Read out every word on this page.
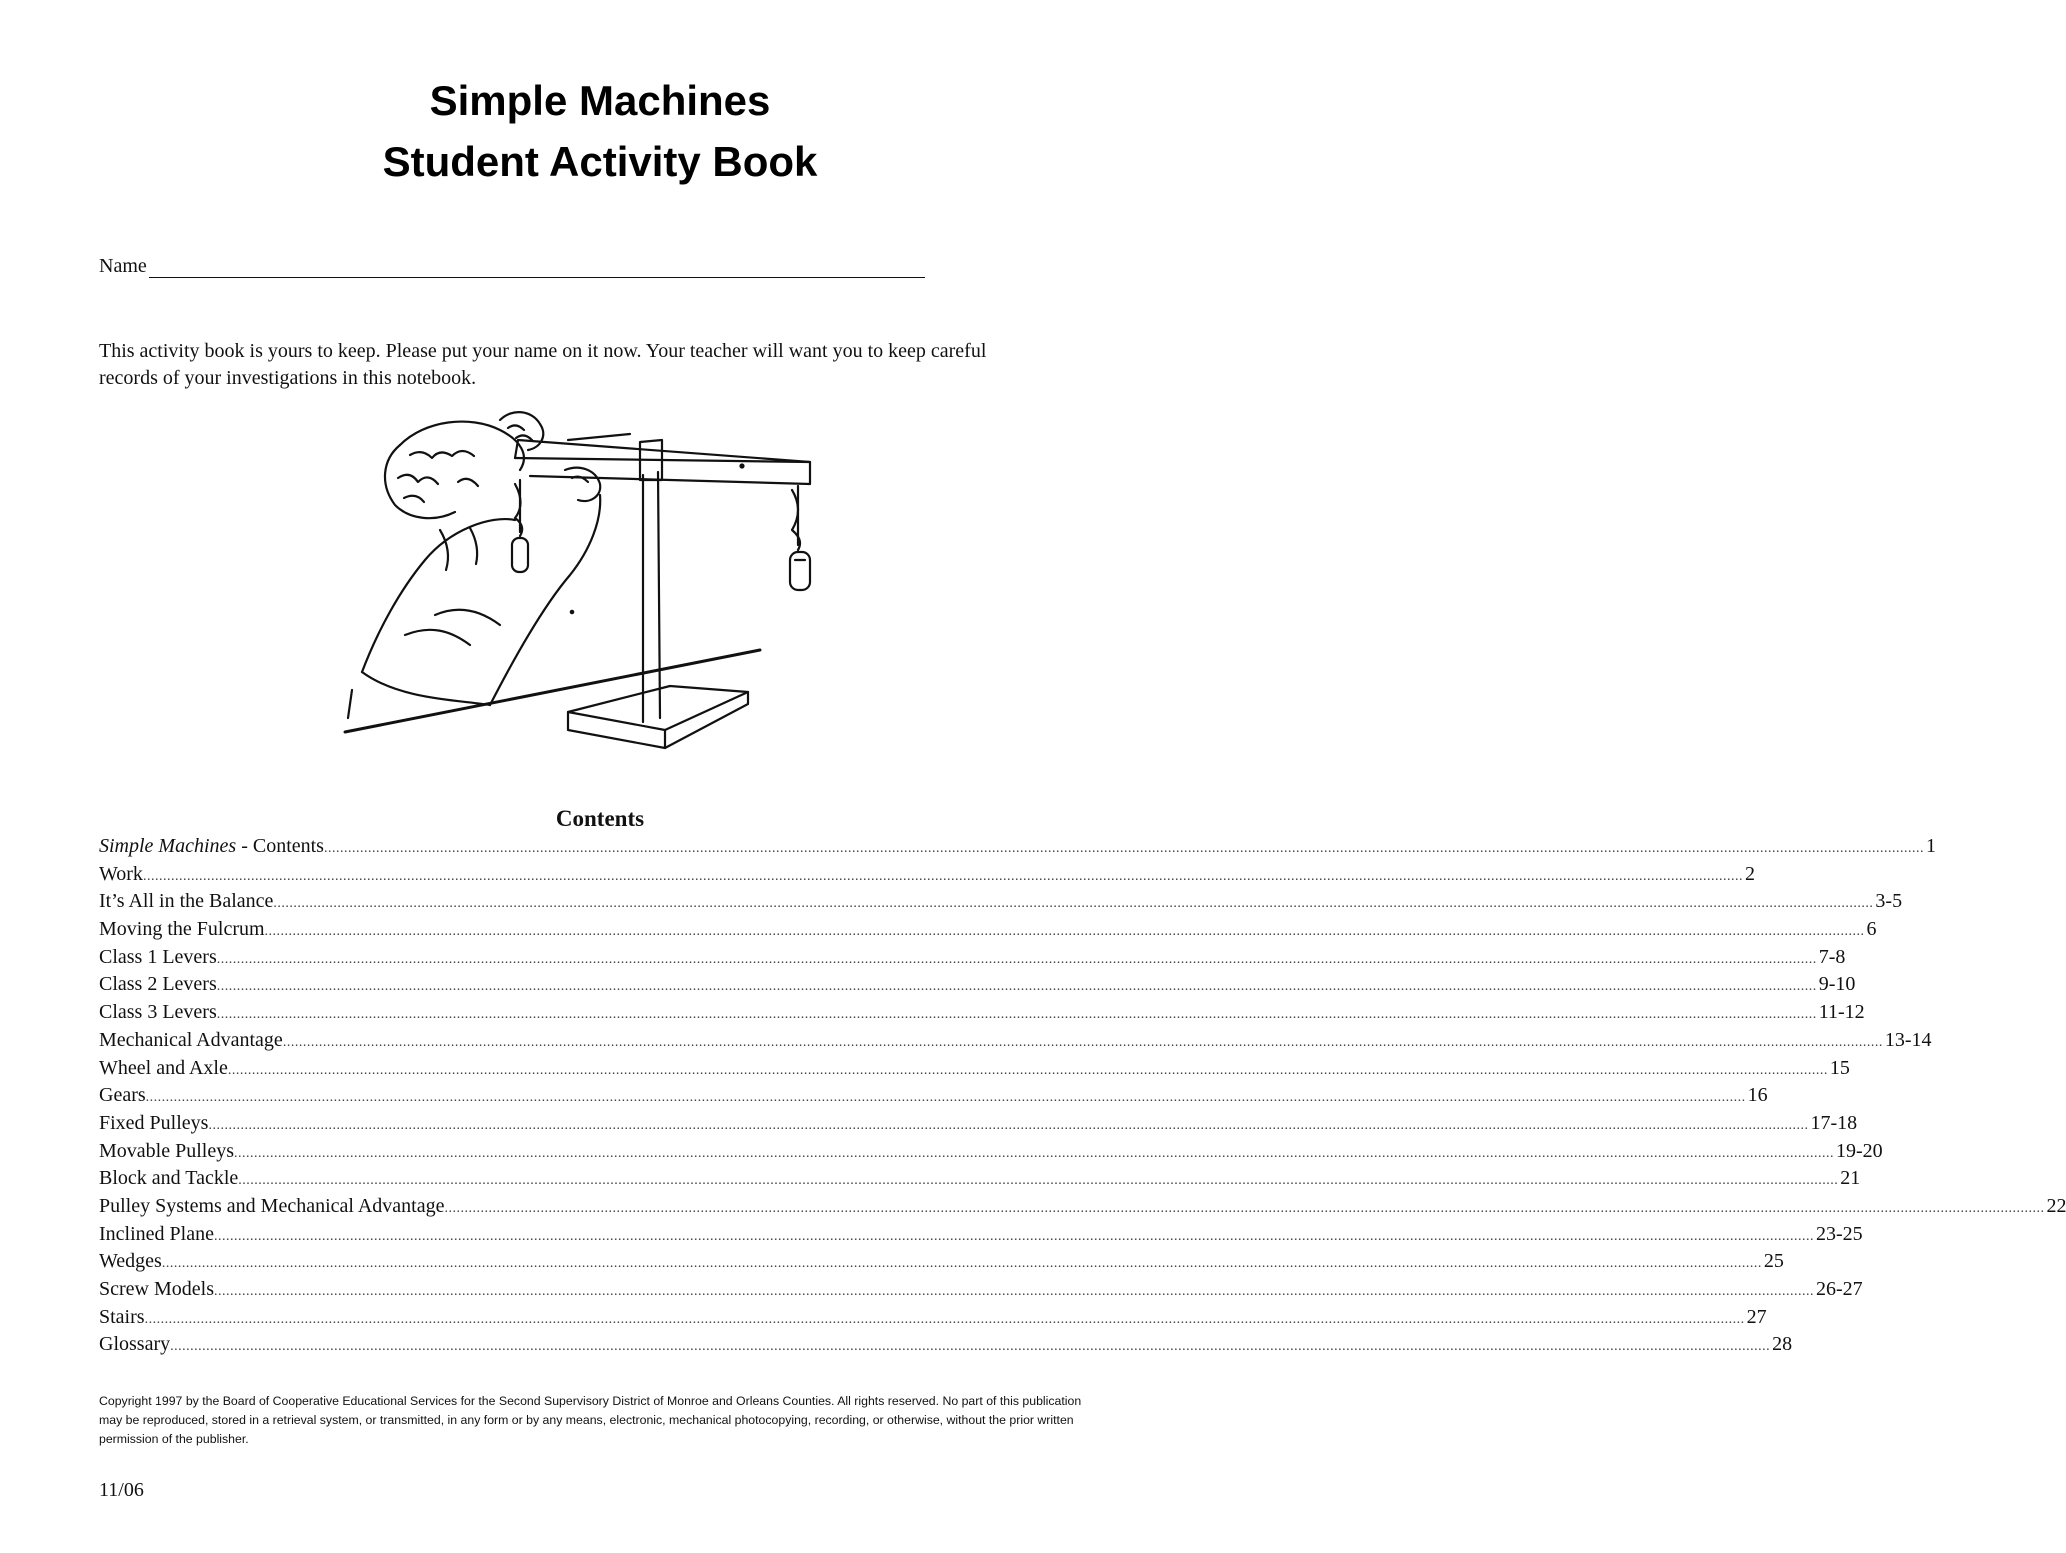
Simple Machines
Student Activity Book
Name

This activity book is yours to keep. Please put your name on it now. Your teacher will want you to keep careful records of your investigations in this notebook.

Contents
Simple Machines - Contents ................................................................................................................................................................................................................................................................................................................................................................................................................ 1
Work ................................................................................................................................................................................................................................................................................................................................................................................................................ 2
It’s All in the Balance ................................................................................................................................................................................................................................................................................................................................................................................................................ 3-5
Moving the Fulcrum ................................................................................................................................................................................................................................................................................................................................................................................................................ 6
Class 1 Levers ................................................................................................................................................................................................................................................................................................................................................................................................................ 7-8
Class 2 Levers ................................................................................................................................................................................................................................................................................................................................................................................................................ 9-10
Class 3 Levers ................................................................................................................................................................................................................................................................................................................................................................................................................ 11-12
Mechanical Advantage ................................................................................................................................................................................................................................................................................................................................................................................................................ 13-14
Wheel and Axle ................................................................................................................................................................................................................................................................................................................................................................................................................ 15
Gears ................................................................................................................................................................................................................................................................................................................................................................................................................ 16
Fixed Pulleys ................................................................................................................................................................................................................................................................................................................................................................................................................ 17-18
Movable Pulleys ................................................................................................................................................................................................................................................................................................................................................................................................................ 19-20
Block and Tackle ................................................................................................................................................................................................................................................................................................................................................................................................................ 21
Pulley Systems and Mechanical Advantage ................................................................................................................................................................................................................................................................................................................................................................................................................ 22
Inclined Plane ................................................................................................................................................................................................................................................................................................................................................................................................................ 23-25
Wedges ................................................................................................................................................................................................................................................................................................................................................................................................................ 25
Screw Models ................................................................................................................................................................................................................................................................................................................................................................................................................ 26-27
Stairs ................................................................................................................................................................................................................................................................................................................................................................................................................ 27
Glossary ................................................................................................................................................................................................................................................................................................................................................................................................................ 28

Copyright 1997 by the Board of Cooperative Educational Services for the Second Supervisory District of Monroe and Orleans Counties. All rights reserved. No part of this publication may be reproduced, stored in a retrieval system, or transmitted, in any form or by any means, electronic, mechanical photocopying, recording, or otherwise, without the prior written permission of the publisher.

11/06
